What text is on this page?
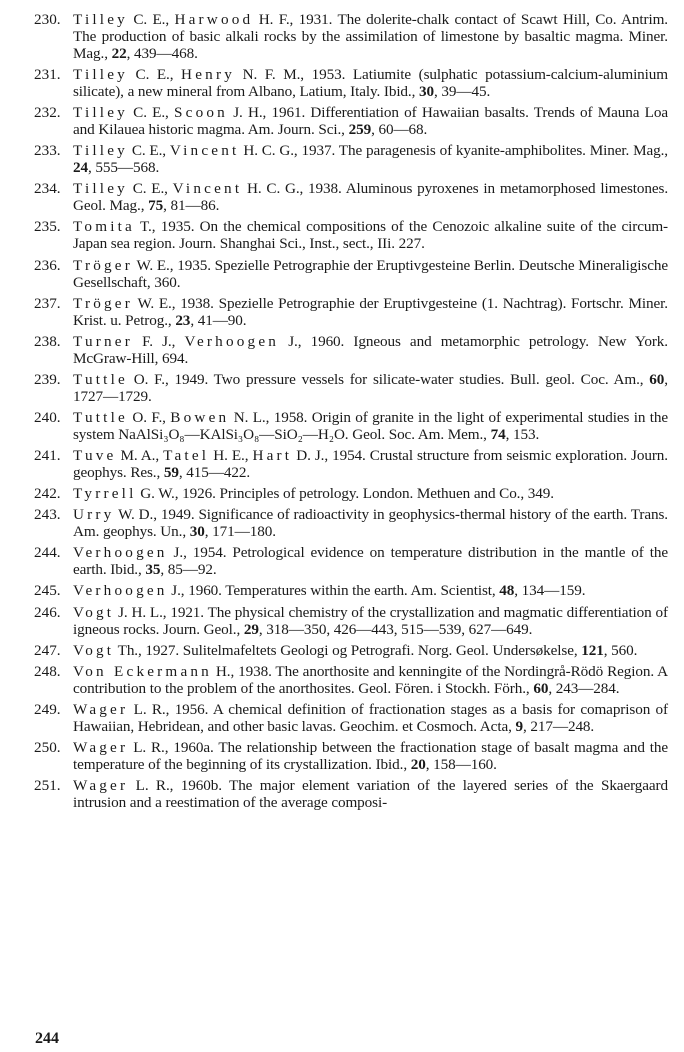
230. Tilley C. E., Harwood H. F., 1931. The dolerite-chalk contact of Scawt Hill, Co. Antrim. The production of basic alkali rocks by the assimilation of limestone by basaltic magma. Miner. Mag., 22, 439—468.
231. Tilley C. E., Henry N. F. M., 1953. Latiumite (sulphatic potassium-calcium-aluminium silicate), a new mineral from Albano, Latium, Italy. Ibid., 30, 39—45.
232. Tilley C. E., Scoon J. H., 1961. Differentiation of Hawaiian basalts. Trends of Mauna Loa and Kilauea historic magma. Am. Journ. Sci., 259, 60—68.
233. Tilley C. E., Vincent H. C. G., 1937. The paragenesis of kyanite-amphibolites. Miner. Mag., 24, 555—568.
234. Tilley C. E., Vincent H. C. G., 1938. Aluminous pyroxenes in metamorphosed limestones. Geol. Mag., 75, 81—86.
235. Tomita T., 1935. On the chemical compositions of the Cenozoic alkaline suite of the circum-Japan sea region. Journ. Shanghai Sci., Inst., sect., IIi. 227.
236. Tröger W. E., 1935. Spezielle Petrographie der Eruptivgesteine Berlin. Deutsche Mineraligische Gesellschaft, 360.
237. Tröger W. E., 1938. Spezielle Petrographie der Eruptivgesteine (1. Nachtrag). Fortschr. Miner. Krist. u. Petrog., 23, 41—90.
238. Turner F. J., Verhoogen J., 1960. Igneous and metamorphic petrology. New York. McGraw-Hill, 694.
239. Tuttle O. F., 1949. Two pressure vessels for silicate-water studies. Bull. geol. Coc. Am., 60, 1727—1729.
240. Tuttle O. F., Bowen N. L., 1958. Origin of granite in the light of experimental studies in the system NaAlSi₃O₈—KAlSi₃O₈—SiO₂—H₂O. Geol. Soc. Am. Mem., 74, 153.
241. Tuve M. A., Tatel H. E., Hart D. J., 1954. Crustal structure from seismic exploration. Journ. geophys. Res., 59, 415—422.
242. Tyrrell G. W., 1926. Principles of petrology. London. Methuen and Co., 349.
243. Urry W. D., 1949. Significance of radioactivity in geophysics-thermal history of the earth. Trans. Am. geophys. Un., 30, 171—180.
244. Verhoogen J., 1954. Petrological evidence on temperature distribution in the mantle of the earth. Ibid., 35, 85—92.
245. Verhoogen J., 1960. Temperatures within the earth. Am. Scientist, 48, 134—159.
246. Vogt J. H. L., 1921. The physical chemistry of the crystallization and magmatic differentiation of igneous rocks. Journ. Geol., 29, 318—350, 426—443, 515—539, 627—649.
247. Vogt Th., 1927. Sulitelmafeltets Geologi og Petrografi. Norg. Geol. Undersøkelse, 121, 560.
248. Von Eckermann H., 1938. The anorthosite and kenningite of the Nordingrå-Rödö Region. A contribution to the problem of the anorthosites. Geol. Fören. i Stockh. Förh., 60, 243—284.
249. Wager L. R., 1956. A chemical definition of fractionation stages as a basis for comaprison of Hawaiian, Hebridean, and other basic lavas. Geochim. et Cosmoch. Acta, 9, 217—248.
250. Wager L. R., 1960a. The relationship between the fractionation stage of basalt magma and the temperature of the beginning of its crystallization. Ibid., 20, 158—160.
251. Wager L. R., 1960b. The major element variation of the layered series of the Skaergaard intrusion and a reestimation of the average composi-
244
